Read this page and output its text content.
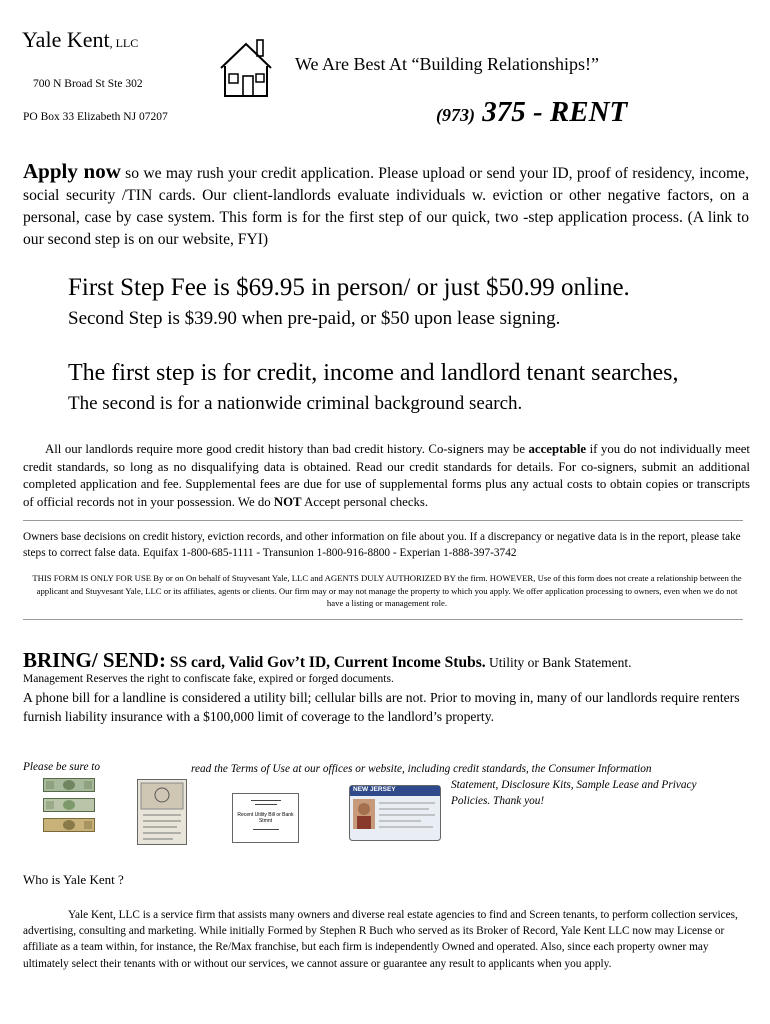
Yale Kent, LLC
700 N Broad St Ste 302
PO Box 33 Elizabeth NJ 07207
We Are Best At “Building Relationships!”
(973) 375 - RENT
Apply now so we may rush your credit application. Please upload or send your ID, proof of residency, income, social security /TIN cards. Our client-landlords evaluate individuals w. eviction or other negative factors, on a personal, case by case system. This form is for the first step of our quick, two -step application process. (A link to our second step is on our website, FYI)
First Step Fee is $69.95 in person/ or just $50.99 online.
Second Step is $39.90 when pre-paid, or $50 upon lease signing.
The first step is for credit, income and landlord tenant searches,
The second is for a nationwide criminal background search.
All our landlords require more good credit history than bad credit history. Co-signers may be acceptable if you do not individually meet credit standards, so long as no disqualifying data is obtained. Read our credit standards for details. For co-signers, submit an additional completed application and fee. Supplemental fees are due for use of supplemental forms plus any actual costs to obtain copies or transcripts of official records not in your possession. We do NOT Accept personal checks.
Owners base decisions on credit history, eviction records, and other information on file about you. If a discrepancy or negative data is in the report, please take steps to correct false data. Equifax 1-800-685-1111 - Transunion 1-800-916-8800 - Experian 1-888-397-3742
THIS FORM IS ONLY FOR USE By or on On behalf of Stuyvesant Yale, LLC and AGENTS DULY AUTHORIZED BY the firm. HOWEVER, Use of this form does not create a relationship between the applicant and Stuyvesant Yale, LLC or its affiliates, agents or clients. Our firm may or may not manage the property to which you apply. We offer application processing to owners, even when we do not have a listing or management role.
BRING/ SEND: SS card, Valid Gov’t ID, Current Income Stubs. Utility or Bank Statement.
Management Reserves the right to confiscate fake, expired or forged documents.
A phone bill for a landline is considered a utility bill; cellular bills are not. Prior to moving in, many of our landlords require renters furnish liability insurance with a $100,000 limit of coverage to the landlord’s property.
Please be sure to	read the Terms of Use at our offices or website, including credit standards, the Consumer Information
Statement, Disclosure Kits, Sample Lease and Privacy
Policies. Thank you!
Recent Utility Bill or Bank Stmnt
NEW JERSEY
Who is Yale Kent ?
Yale Kent, LLC is a service firm that assists many owners and diverse real estate agencies to find and Screen tenants, to perform collection services, advertising, consulting and marketing. While initially Formed by Stephen R Buch who served as its Broker of Record, Yale Kent LLC now may License or affiliate as a team within, for instance, the Re/Max franchise, but each firm is independently Owned and operated. Also, since each property owner may ultimately select their tenants with or without our services, we cannot assure or guarantee any result to applicants when you apply.
